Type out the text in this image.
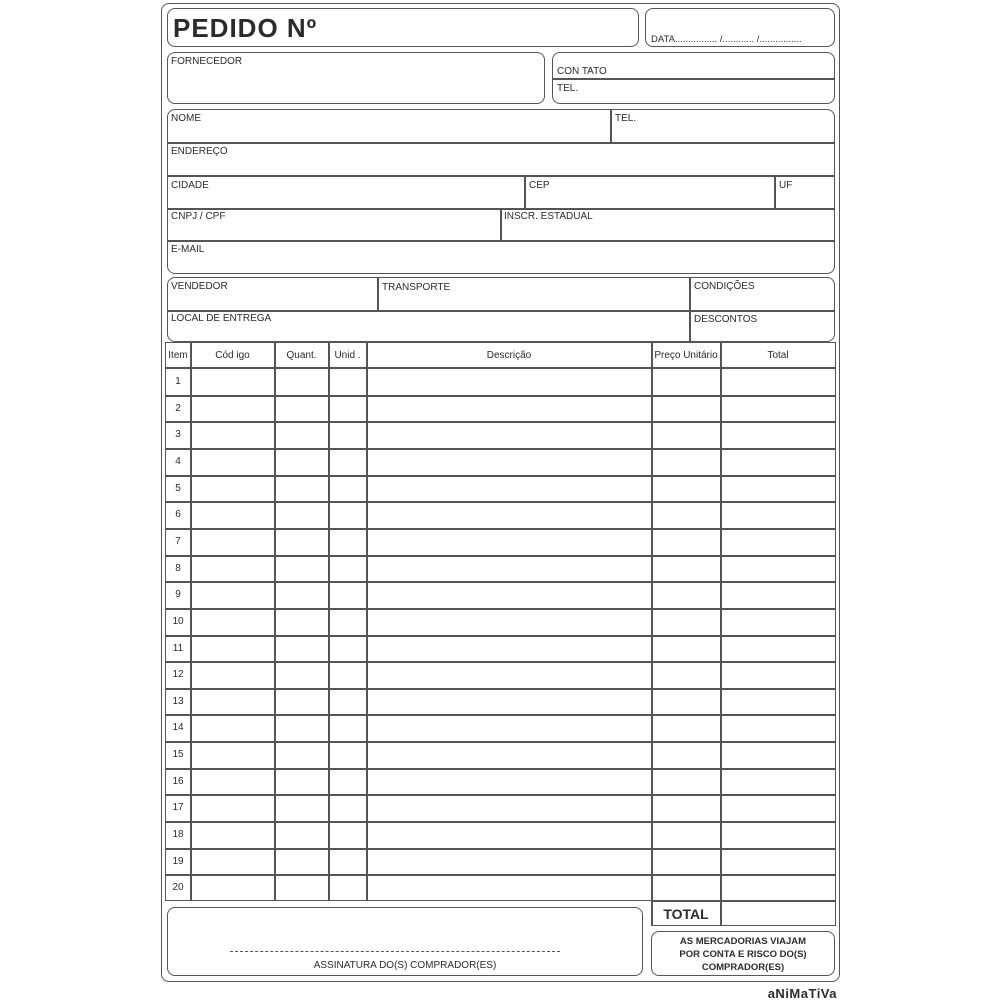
PEDIDO Nº	DATA................ /............ /................
FORNECEDOR
CON TATO
TEL.
NOME	TEL.
ENDEREÇO
CIDADE	CEP	UF
CNPJ / CPF	INSCR. ESTADUAL
E-MAIL
VENDEDOR	TRANSPORTE	CONDIÇÕES
LOCAL DE ENTREGA	DESCONTOS
Item	Cód igo	Quant.	Unid .	Descrição	Preço Unitário	Total
1
2
3
4
5
6
7
8
9
10
11
12
13
14
15
16
17
18
19
20
ASSINATURA DO(S) COMPRADOR(ES)
TOTAL
AS MERCADORIAS VIAJAM
POR CONTA E RISCO DO(S)
COMPRADOR(ES)
aNiMaTiVa
